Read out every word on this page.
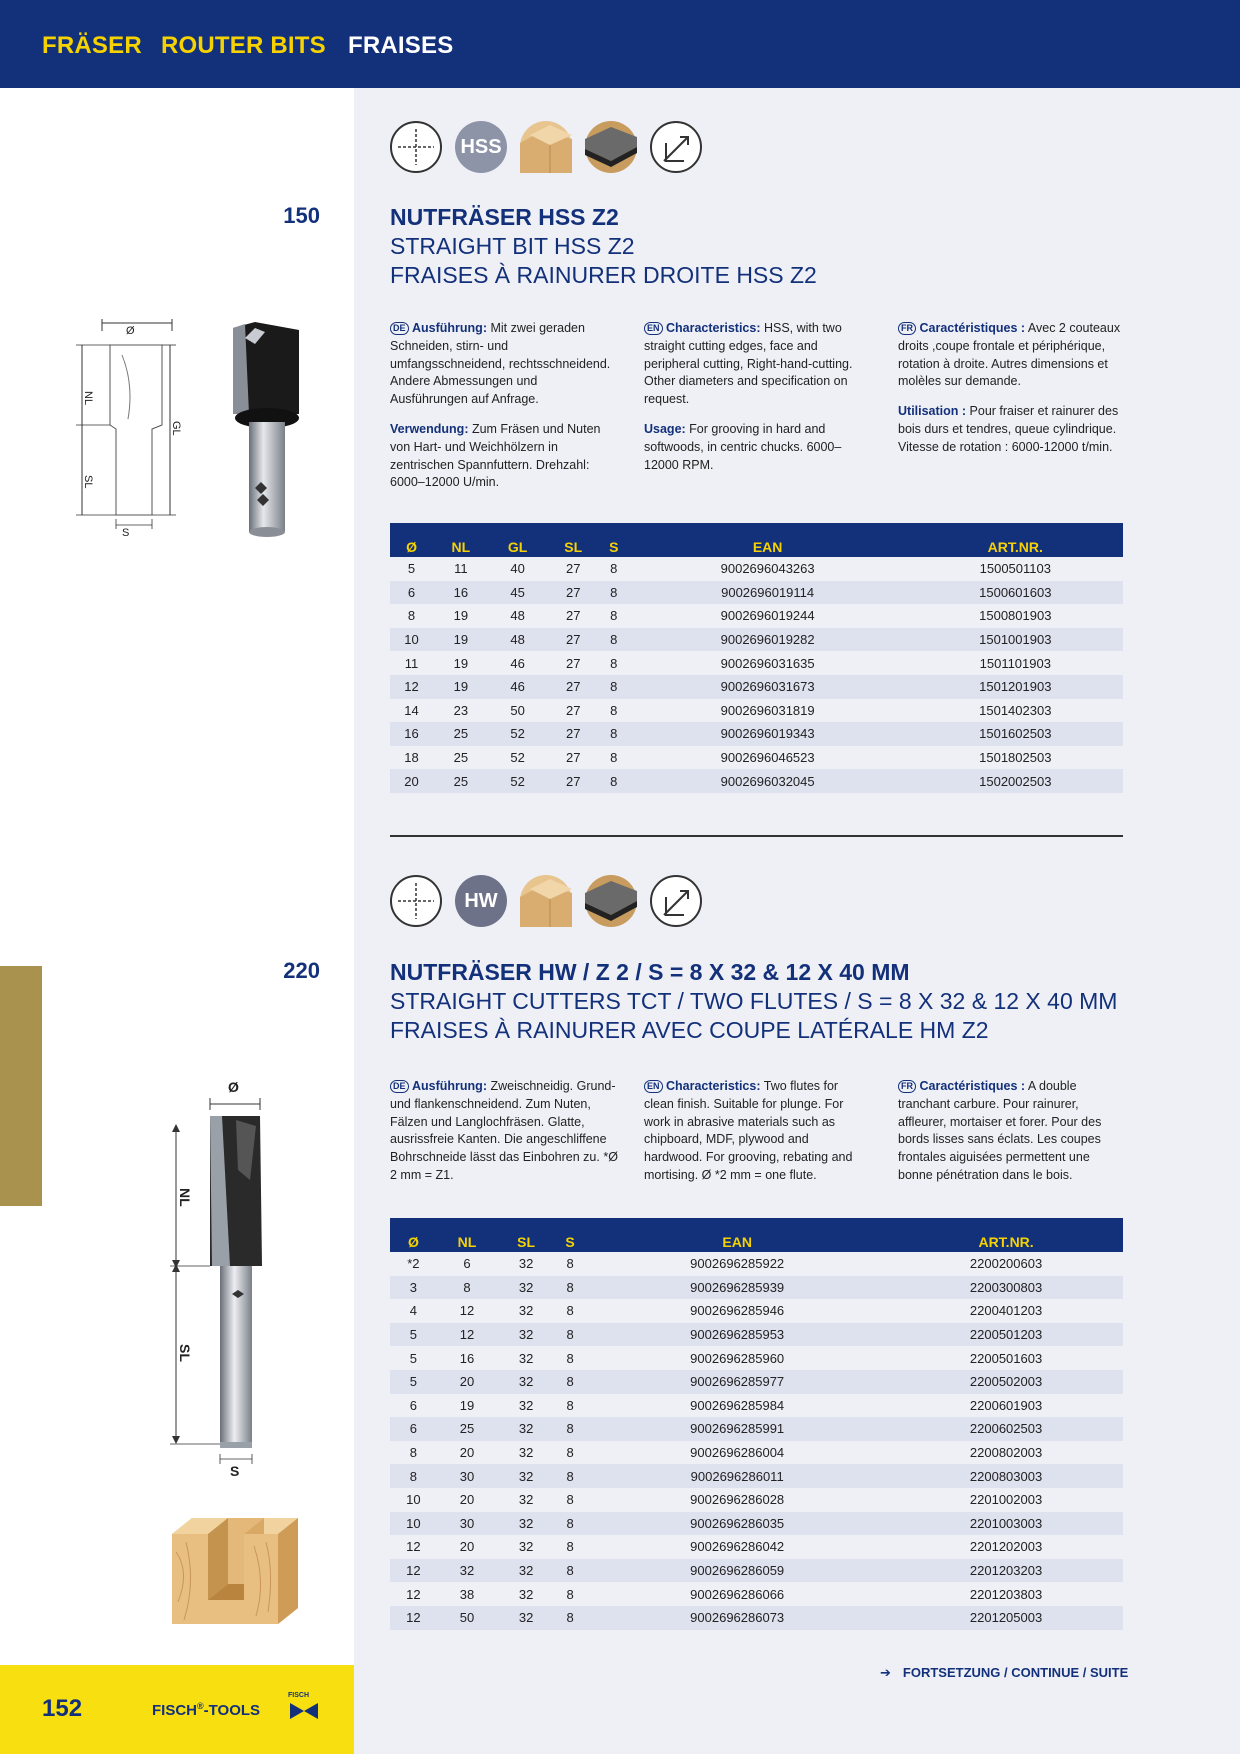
FRÄSER ROUTER BITS FRAISES
HSS
150	NUTFRÄSER HSS Z2
STRAIGHT BIT HSS Z2
FRAISES À RAINURER DROITE HSS Z2
Ø
NL
SL
GL
S

DE Ausführung: Mit zwei geraden Schneiden, stirn- und umfangsschneidend, rechtsschneidend. Andere Abmessungen und Ausführungen auf Anfrage.

Verwendung: Zum Fräsen und Nuten von Hart- und Weichhölzern in zentrischen Spannfuttern. Drehzahl: 6000–12000 U/min.

EN Characteristics: HSS, with two straight cutting edges, face and peripheral cutting, Right-hand-cutting. Other diameters and specification on request.

Usage: For grooving in hard and softwoods, in centric chucks. 6000–12000 RPM.

FR Caractéristiques : Avec 2 couteaux droits ,coupe frontale et périphérique, rotation à droite. Autres dimensions et molèles sur demande.

Utilisation : Pour fraiser et rainurer des bois durs et tendres, queue cylindrique. Vitesse de rotation : 6000-12000 t/min.

Ø	NL	GL	SL	S	EAN	ART.NR.
5	11	40	27	8	9002696043263	1500501103
6	16	45	27	8	9002696019114	1500601603
8	19	48	27	8	9002696019244	1500801903
10	19	48	27	8	9002696019282	1501001903
11	19	46	27	8	9002696031635	1501101903
12	19	46	27	8	9002696031673	1501201903
14	23	50	27	8	9002696031819	1501402303
16	25	52	27	8	9002696019343	1501602503
18	25	52	27	8	9002696046523	1501802503
20	25	52	27	8	9002696032045	1502002503
HW
220	NUTFRÄSER HW / Z 2 / S = 8 X 32 & 12 X 40 MM
STRAIGHT CUTTERS TCT / TWO FLUTES / S = 8 X 32 & 12 X 40 MM
FRAISES À RAINURER AVEC COUPE LATÉRALE HM Z2
Ø
NL
SL
S

DE Ausführung: Zweischneidig. Grund- und flankenschneidend. Zum Nuten, Fälzen und Langlochfräsen. Glatte, ausrissfreie Kanten. Die angeschliffene Bohrschneide lässt das Einbohren zu. *Ø 2 mm = Z1.

EN Characteristics: Two flutes for clean finish. Suitable for plunge. For work in abrasive materials such as chipboard, MDF, plywood and hardwood. For grooving, rebating and mortising. Ø *2 mm = one flute.

FR Caractéristiques : A double tranchant carbure. Pour rainurer, affleurer, mortaiser et forer. Pour des bords lisses sans éclats. Les coupes frontales aiguisées permettent une bonne pénétration dans le bois.

Ø	NL	SL	S	EAN	ART.NR.
*2	6	32	8	9002696285922	2200200603
3	8	32	8	9002696285939	2200300803
4	12	32	8	9002696285946	2200401203
5	12	32	8	9002696285953	2200501203
5	16	32	8	9002696285960	2200501603
5	20	32	8	9002696285977	2200502003
6	19	32	8	9002696285984	2200601903
6	25	32	8	9002696285991	2200602503
8	20	32	8	9002696286004	2200802003
8	30	32	8	9002696286011	2200803003
10	20	32	8	9002696286028	2201002003
10	30	32	8	9002696286035	2201003003
12	20	32	8	9002696286042	2201202003
12	32	32	8	9002696286059	2201203203
12	38	32	8	9002696286066	2201203803
12	50	32	8	9002696286073	2201205003
➔ FORTSETZUNG / CONTINUE / SUITE
152	FISCH®-TOOLS
FISCH
